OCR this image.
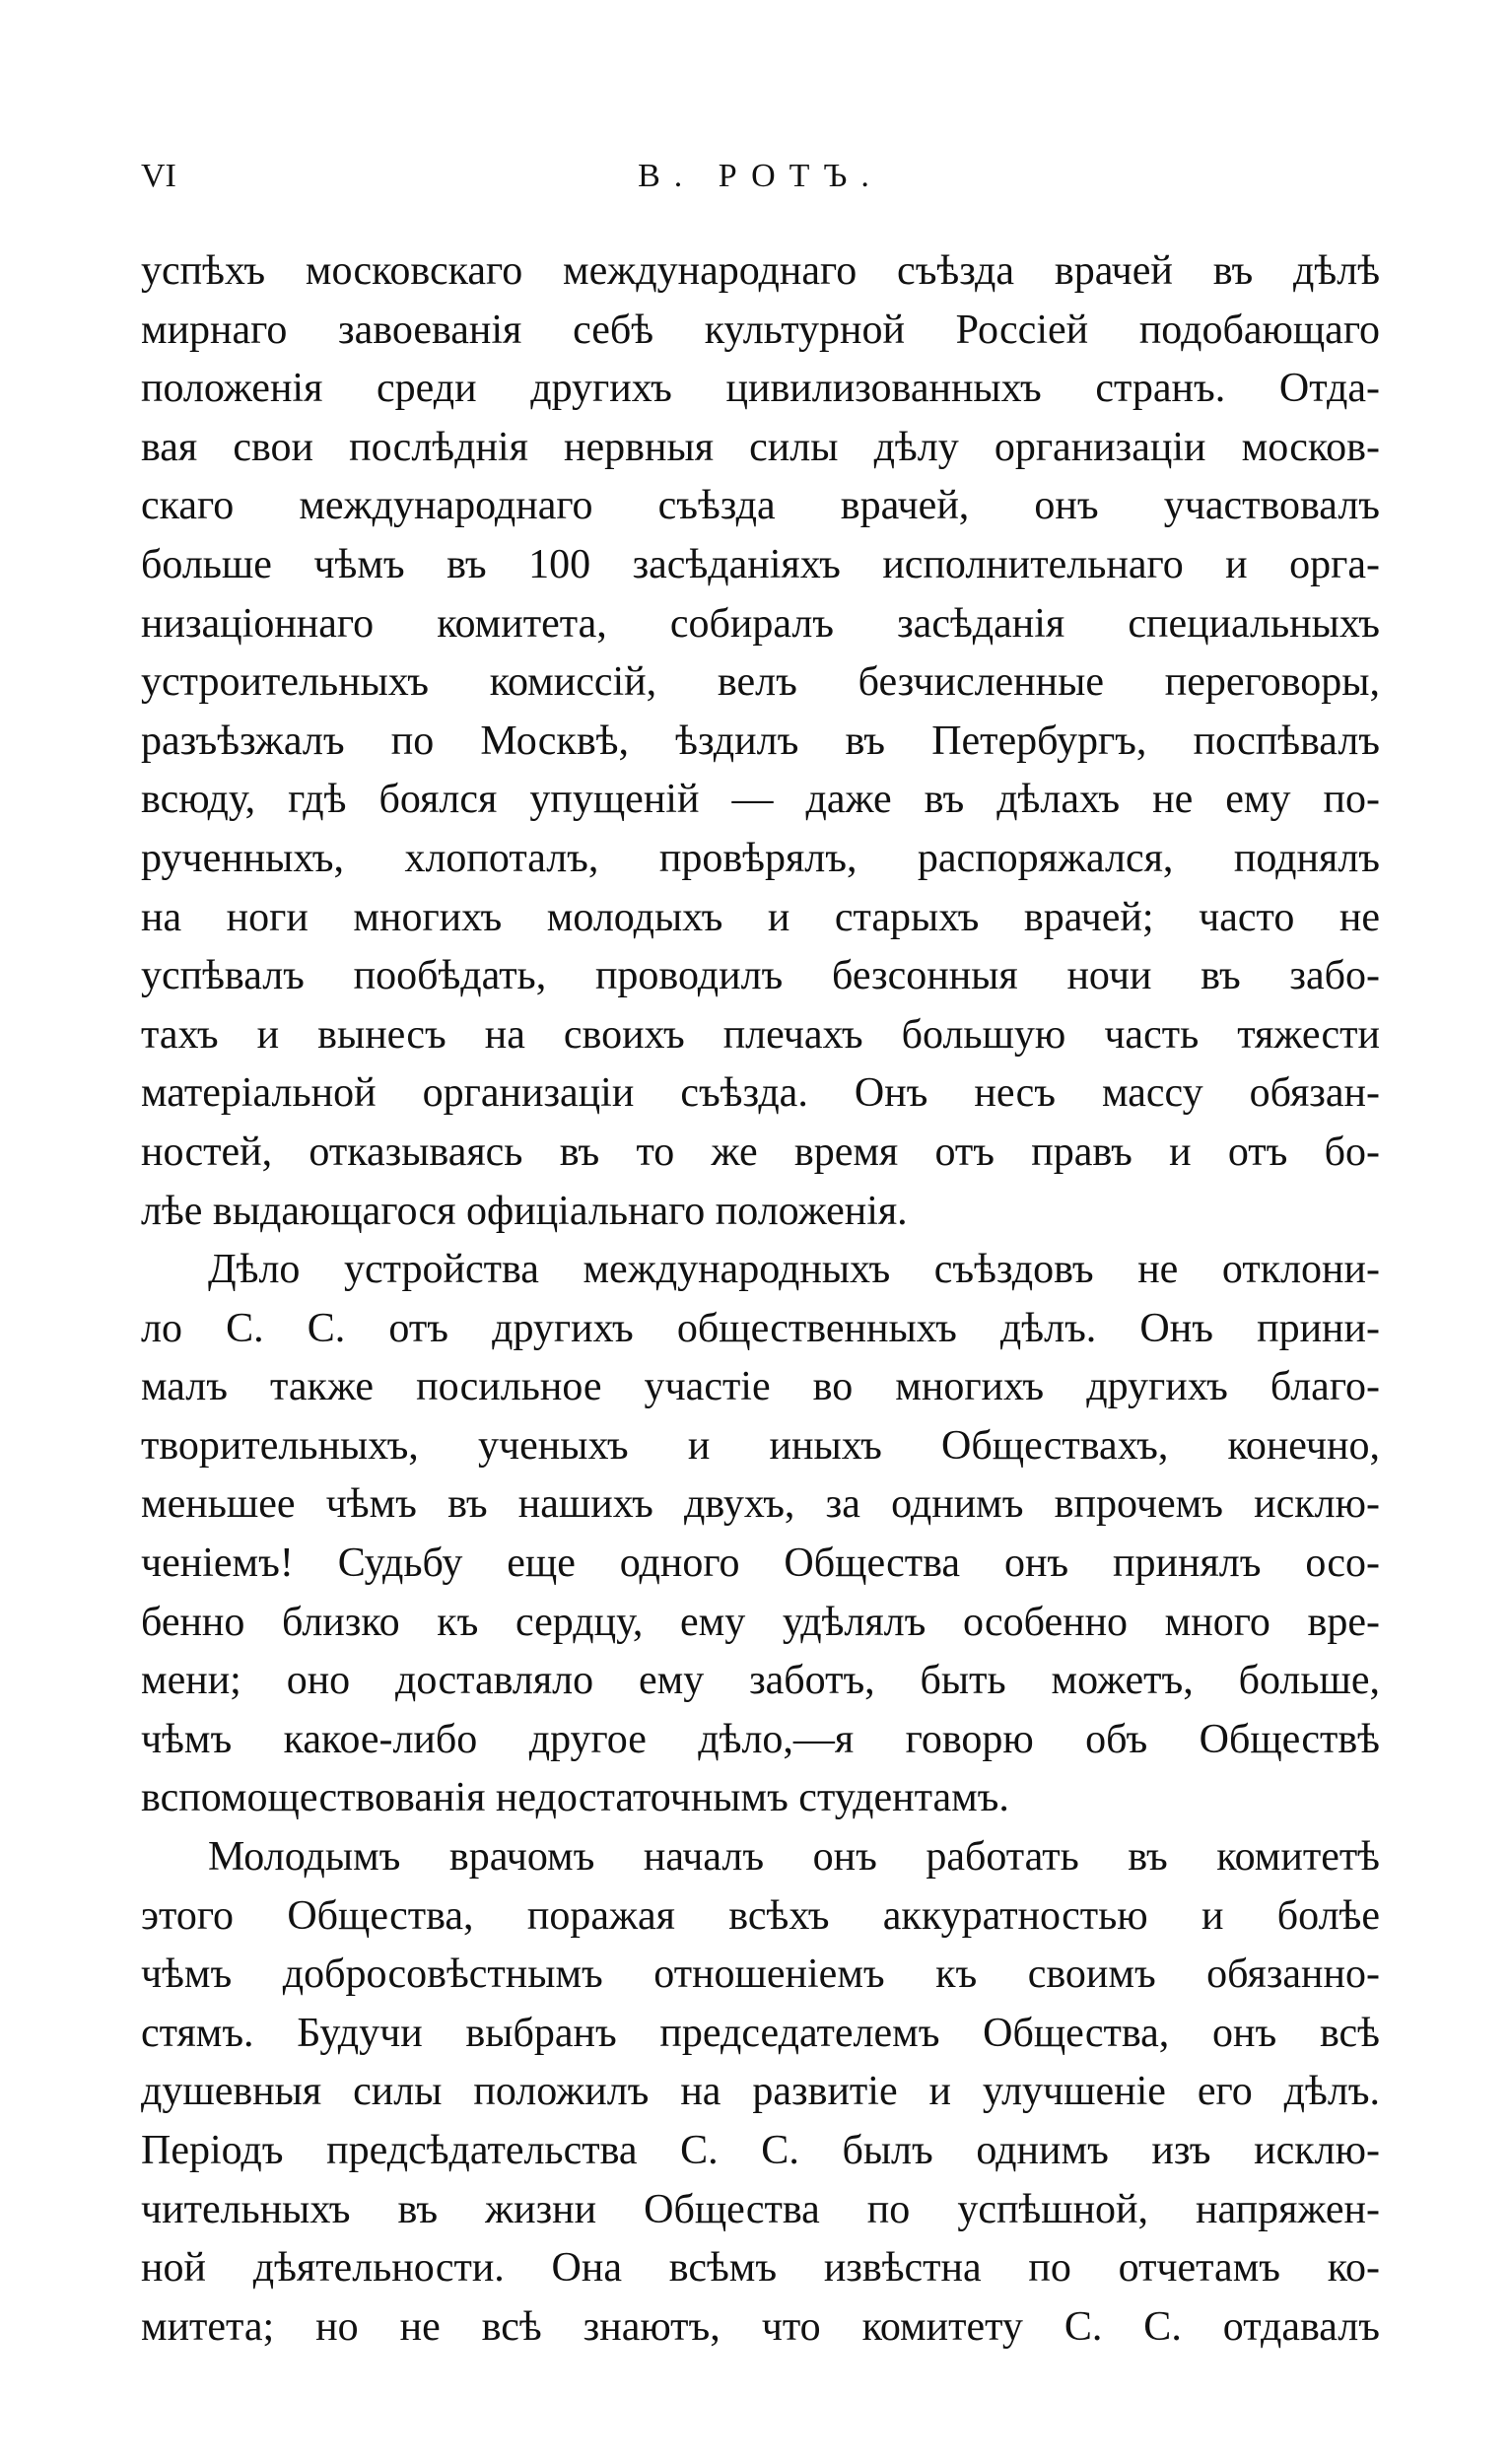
VI	В. РОТЪ.
успѣхъ московскаго международнаго съѣзда врачей въ дѣлѣ
мирнаго завоеванія себѣ культурной Россіей подобающаго
положенія среди другихъ цивилизованныхъ странъ. Отда-
вая свои послѣднія нервныя силы дѣлу организаціи москов-
скаго международнаго съѣзда врачей, онъ участвовалъ
больше чѣмъ въ 100 засѣданіяхъ исполнительнаго и орга-
низаціоннаго комитета, собиралъ засѣданія специальныхъ
устроительныхъ комиссій, велъ безчисленные переговоры,
разъѣзжалъ по Москвѣ, ѣздилъ въ Петербургъ, поспѣвалъ
всюду, гдѣ боялся упущеній — даже въ дѣлахъ не ему по-
рученныхъ, хлопоталъ, провѣрялъ, распоряжался, поднялъ
на ноги многихъ молодыхъ и старыхъ врачей; часто не
успѣвалъ пообѣдать, проводилъ безсонныя ночи въ забо-
тахъ и вынесъ на своихъ плечахъ большую часть тяжести
матеріальной организаціи съѣзда. Онъ несъ массу обязан-
ностей, отказываясь въ то же время отъ правъ и отъ бо-
лѣе выдающагося офиціальнаго положенія.
Дѣло устройства международныхъ съѣздовъ не отклони-
ло С. С. отъ другихъ общественныхъ дѣлъ. Онъ прини-
малъ также посильное участіе во многихъ другихъ благо-
творительныхъ, ученыхъ и иныхъ Обществахъ, конечно,
меньшее чѣмъ въ нашихъ двухъ, за однимъ впрочемъ исклю-
ченіемъ! Судьбу еще одного Общества онъ принялъ осо-
бенно близко къ сердцу, ему удѣлялъ особенно много вре-
мени; оно доставляло ему заботъ, быть можетъ, больше,
чѣмъ какое-либо другое дѣло,—я говорю объ Обществѣ
вспомоществованія недостаточнымъ студентамъ.
Молодымъ врачомъ началъ онъ работать въ комитетѣ
этого Общества, поражая всѣхъ аккуратностью и болѣе
чѣмъ добросовѣстнымъ отношеніемъ къ своимъ обязанно-
стямъ. Будучи выбранъ председателемъ Общества, онъ всѣ
душевныя силы положилъ на развитіе и улучшеніе его дѣлъ.
Періодъ предсѣдательства С. С. былъ однимъ изъ исклю-
чительныхъ въ жизни Общества по успѣшной, напряжен-
ной дѣятельности. Она всѣмъ извѣстна по отчетамъ ко-
митета; но не всѣ знаютъ, что комитету С. С. отдавалъ
